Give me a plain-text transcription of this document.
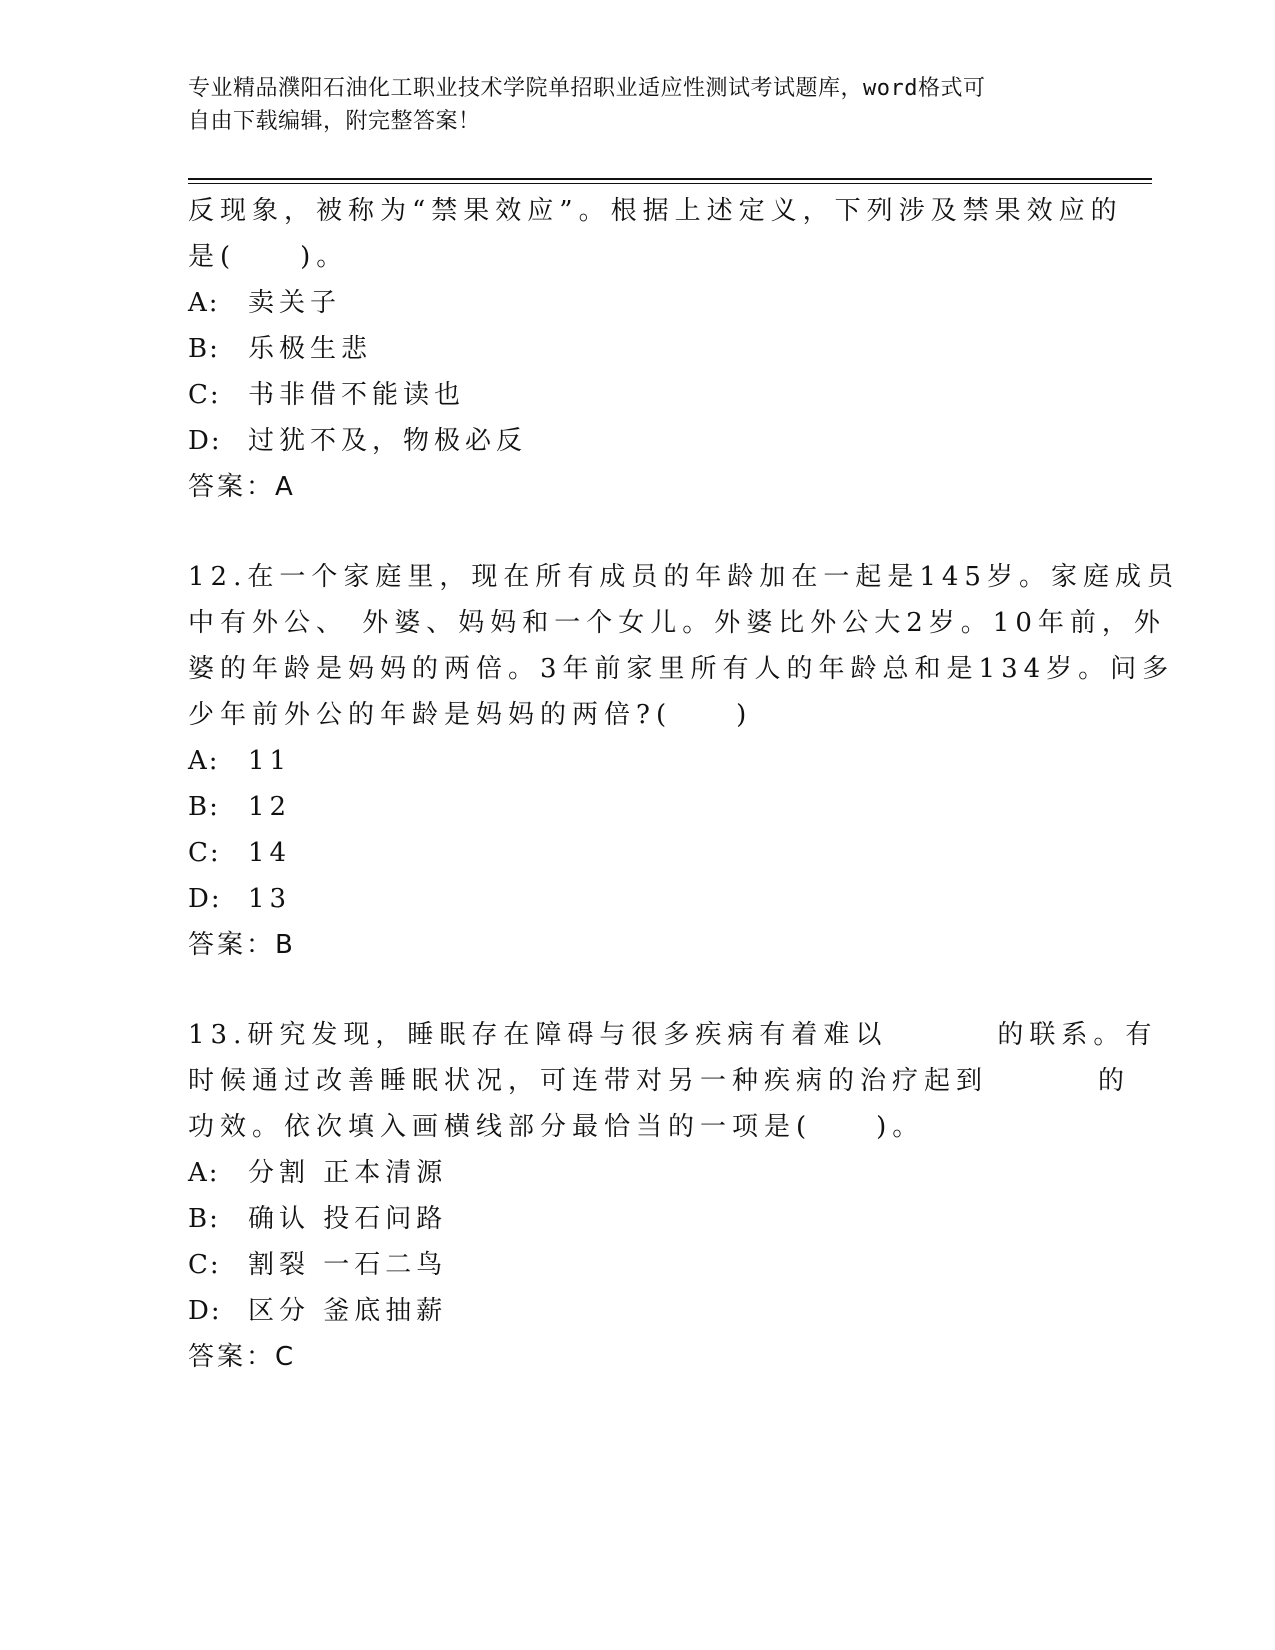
专业精品濮阳石油化工职业技术学院单招职业适应性测试考试题库，word格式可
自由下载编辑，附完整答案！
反现象，被称为“禁果效应”。根据上述定义，下列涉及禁果效应的
是(　　)。
A: 卖关子
B: 乐极生悲
C: 书非借不能读也
D: 过犹不及，物极必反
答案：A
12.在一个家庭里，现在所有成员的年龄加在一起是145岁。家庭成员
中有外公、 外婆、妈妈和一个女儿。外婆比外公大2岁。10年前，外
婆的年龄是妈妈的两倍。3年前家里所有人的年龄总和是134岁。问多
少年前外公的年龄是妈妈的两倍?(　　)
A: 11
B: 12
C: 14
D: 13
答案：B
13.研究发现，睡眠存在障碍与很多疾病有着难以	的联系。有
时候通过改善睡眠状况，可连带对另一种疾病的治疗起到	的
功效。依次填入画横线部分最恰当的一项是(　　)。
A: 分割 正本清源
B: 确认 投石问路
C: 割裂 一石二鸟
D: 区分 釜底抽薪
答案：C
